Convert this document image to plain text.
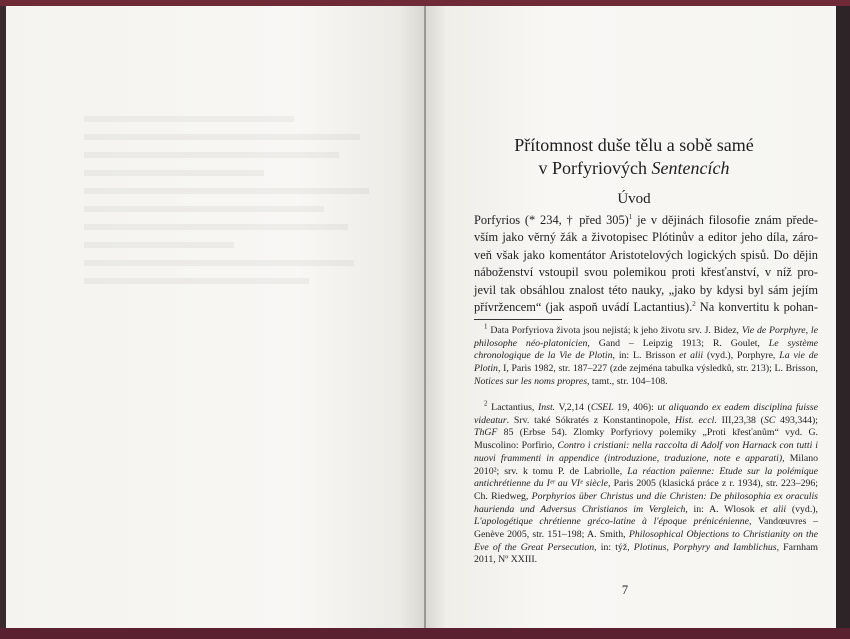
Přítomnost duše tělu a sobě samé
v Porfyriových Sentencích
Úvod
Porfyrios (* 234, † před 305)$^1$ je v dějinách filosofie znám přede-
vším jako věrný žák a životopisec Plótinův a editor jeho díla, záro-
veň však jako komentátor Aristotelových logických spisů. Do dějin
náboženství vstoupil svou polemikou proti křesťanství, v níž pro-
jevil tak obsáhlou znalost této nauky, „jako by kdysi byl sám jejím
přívržencem“ (jak aspoň uvádí Lactantius).$^2$ Na konvertitu k pohan-

$^1$ Data Porfyriova života jsou nejistá; k jeho životu srv. J. Bidez, Vie de Porphyre, le philosophe néo-platonicien, Gand – Leipzig 1913; R. Goulet, Le système chronologique de la Vie de Plotin, in: L. Brisson et alii (vyd.), Porphyre, La vie de Plotin, I, Paris 1982, str. 187–227 (zde zejména tabulka výsledků, str. 213); L. Brisson, Notices sur les noms propres, tamt., str. 104–108.

$^2$ Lactantius, Inst. V,2,14 (CSEL 19, 406): ut aliquando ex eadem disciplina fuisse videatur. Srv. také Sókratés z Konstantinopole, Hist. eccl. III,23,38 (SC 493,344); ThGF 85 (Erbse 54). Zlomky Porfyriovy polemiky „Proti křesťanům“ vyd. G. Muscolino: Porfirio, Contro i cristiani: nella raccolta di Adolf von Harnack con tutti i nuovi frammenti in appendice (introduzione, traduzione, note e apparati), Milano 2010²; srv. k tomu P. de Labriolle, La réaction païenne: Etude sur la polémique antichrétienne du Iᵉʳ au VIᵉ siècle, Paris 2005 (klasická práce z r. 1934), str. 223–296; Ch. Riedweg, Porphyrios über Christus und die Christen: De philosophia ex oraculis haurienda und Adversus Christianos im Vergleich, in: A. Wlosok et alii (vyd.), L'apologétique chrétienne gréco-latine à l'époque prénicénienne, Vandœuvres – Genève 2005, str. 151–198; A. Smith, Philosophical Objections to Christianity on the Eve of the Great Persecution, in: týž, Plotinus, Porphyry and Iamblichus, Farnham 2011, Nº XXIII.

7
